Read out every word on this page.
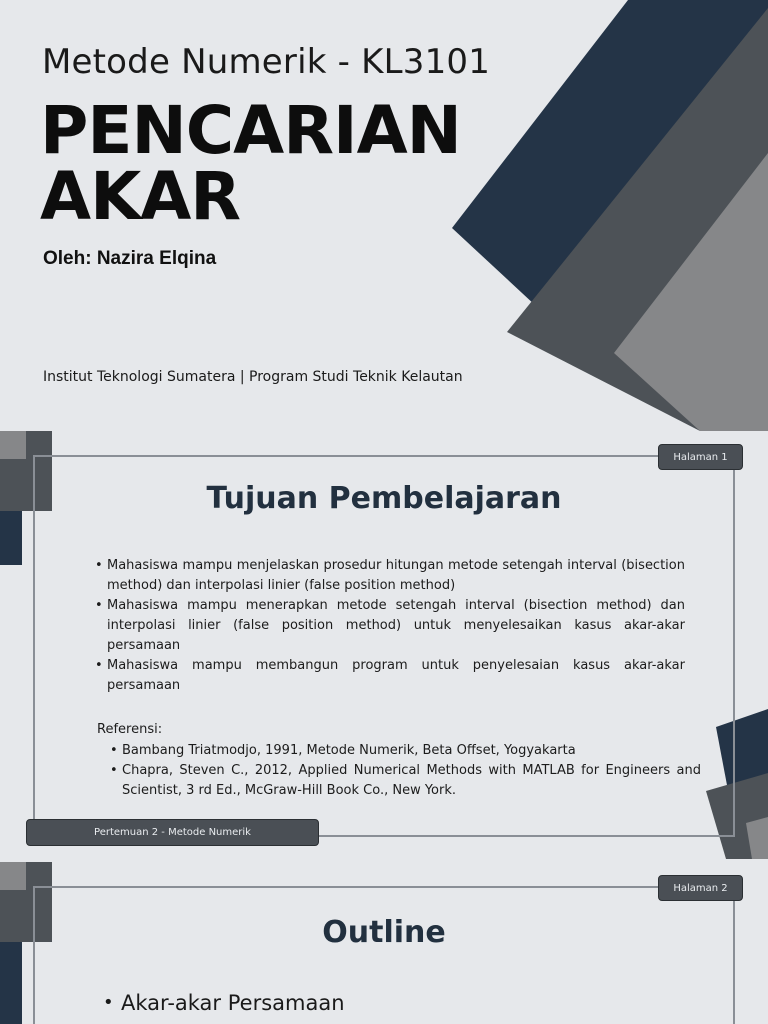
Metode Numerik - KL3101
PENCARIAN
AKAR
Oleh: Nazira Elqina
Institut Teknologi Sumatera | Program Studi Teknik Kelautan
Halaman 1
Tujuan Pembelajaran
• Mahasiswa mampu menjelaskan prosedur hitungan metode setengah interval (bisection method) dan interpolasi linier (false position method)
• Mahasiswa mampu menerapkan metode setengah interval (bisection method) dan interpolasi linier (false position method) untuk menyelesaikan kasus akar-akar persamaan
• Mahasiswa mampu membangun program untuk penyelesaian kasus akar-akar persamaan
Referensi:
• Bambang Triatmodjo, 1991, Metode Numerik, Beta Offset, Yogyakarta
• Chapra, Steven C., 2012, Applied Numerical Methods with MATLAB for Engineers and Scientist, 3 rd Ed., McGraw-Hill Book Co., New York.
Pertemuan 2 - Metode Numerik
Halaman 2
Outline
• Akar-akar Persamaan
